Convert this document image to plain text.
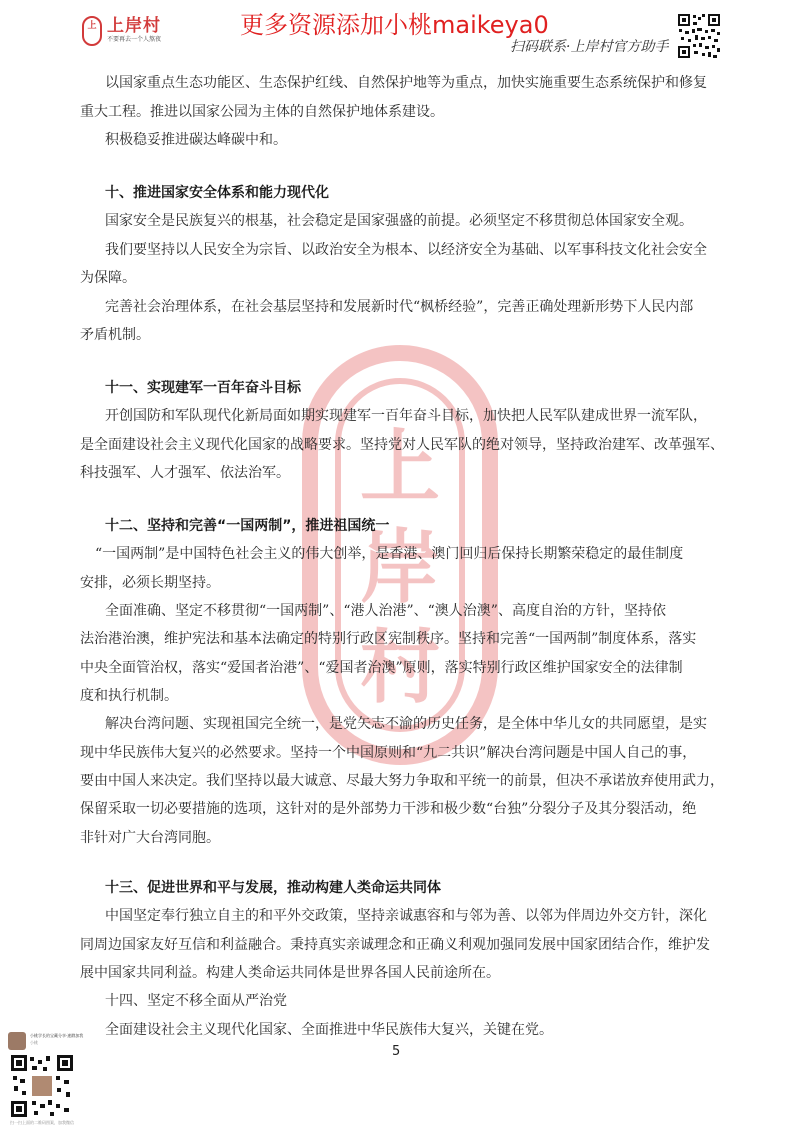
上 上岸村
不要再去一个人熬夜
更多资源添加小桃maikeya0
扫码联系·上岸村官方助手
上
岸
村
以国家重点生态功能区、生态保护红线、自然保护地等为重点，加快实施重要生态系统保护和修复
重大工程。推进以国家公园为主体的自然保护地体系建设。
积极稳妥推进碳达峰碳中和。
十、推进国家安全体系和能力现代化
国家安全是民族复兴的根基，社会稳定是国家强盛的前提。必须坚定不移贯彻总体国家安全观。
我们要坚持以人民安全为宗旨、以政治安全为根本、以经济安全为基础、以军事科技文化社会安全
为保障。
完善社会治理体系，在社会基层坚持和发展新时代“枫桥经验”，完善正确处理新形势下人民内部
矛盾机制。
十一、实现建军一百年奋斗目标
开创国防和军队现代化新局面如期实现建军一百年奋斗目标，加快把人民军队建成世界一流军队，
是全面建设社会主义现代化国家的战略要求。坚持党对人民军队的绝对领导，坚持政治建军、改革强军、
科技强军、人才强军、依法治军。
十二、坚持和完善“一国两制”，推进祖国统一
“一国两制”是中国特色社会主义的伟大创举，是香港、澳门回归后保持长期繁荣稳定的最佳制度
安排，必须长期坚持。
全面准确、坚定不移贯彻“一国两制”、“港人治港”、“澳人治澳”、高度自治的方针，坚持依
法治港治澳，维护宪法和基本法确定的特别行政区宪制秩序。坚持和完善“一国两制”制度体系，落实
中央全面管治权，落实“爱国者治港”、“爱国者治澳”原则，落实特别行政区维护国家安全的法律制
度和执行机制。
解决台湾问题、实现祖国完全统一，是党矢志不渝的历史任务，是全体中华儿女的共同愿望，是实
现中华民族伟大复兴的必然要求。坚持一个中国原则和“九二共识”解决台湾问题是中国人自己的事，
要由中国人来决定。我们坚持以最大诚意、尽最大努力争取和平统一的前景，但决不承诺放弃使用武力，
保留采取一切必要措施的选项，这针对的是外部势力干涉和极少数“台独”分裂分子及其分裂活动，绝
非针对广大台湾同胞。
十三、促进世界和平与发展，推动构建人类命运共同体
中国坚定奉行独立自主的和平外交政策，坚持亲诚惠容和与邻为善、以邻为伴周边外交方针，深化
同周边国家友好互信和利益融合。秉持真实亲诚理念和正确义利观加强同发展中国家团结合作，维护发
展中国家共同利益。构建人类命运共同体是世界各国人民前途所在。
十四、坚定不移全面从严治党
全面建设社会主义现代化国家、全面推进中华民族伟大复兴，关键在党。
5
小桃学长的宝藏分享·速戳加我
小桃
扫一扫上面的二维码图案，加我微信
